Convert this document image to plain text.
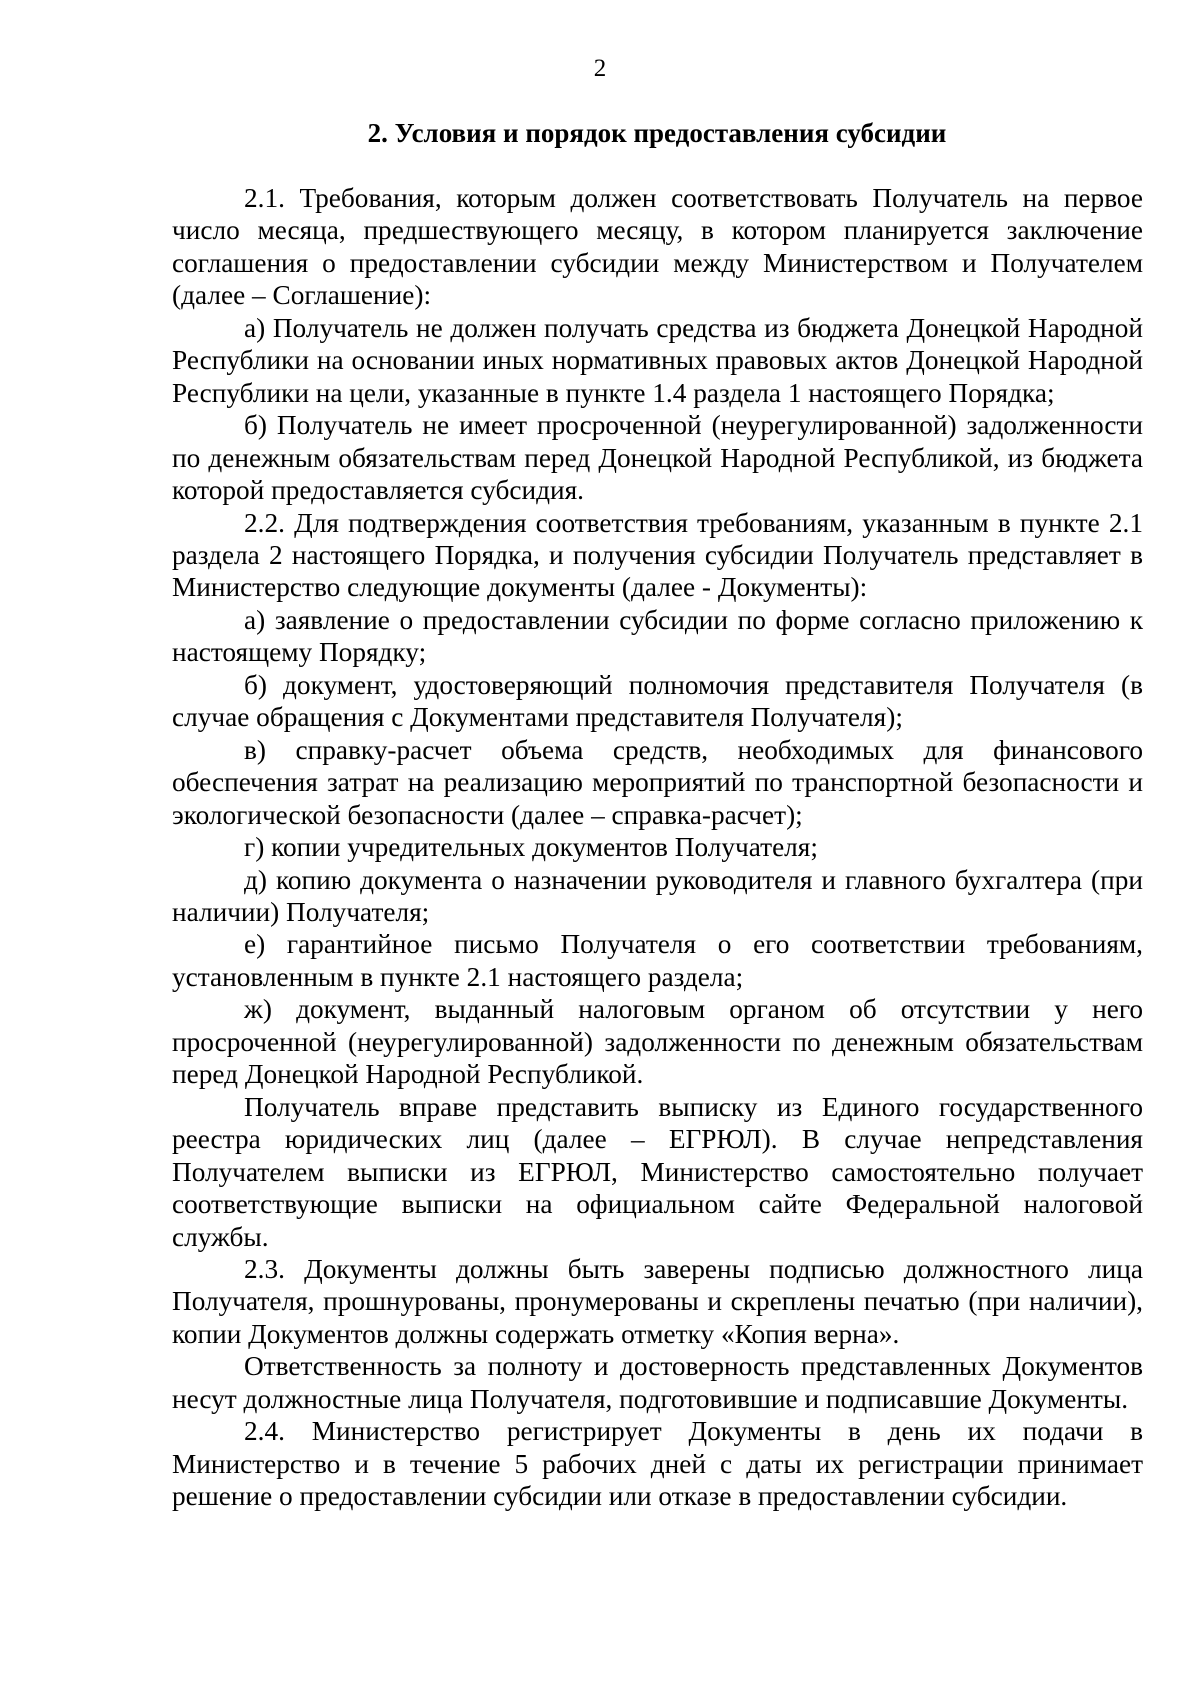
2
2. Условия и порядок предоставления субсидии

2.1. Требования, которым должен соответствовать Получатель на первое число месяца, предшествующего месяцу, в котором планируется заключение соглашения о предоставлении субсидии между Министерством и Получателем (далее – Соглашение):

а) Получатель не должен получать средства из бюджета Донецкой Народной Республики на основании иных нормативных правовых актов Донецкой Народной Республики на цели, указанные в пункте 1.4 раздела 1 настоящего Порядка;

б) Получатель не имеет просроченной (неурегулированной) задолженности по денежным обязательствам перед Донецкой Народной Республикой, из бюджета которой предоставляется субсидия.

2.2. Для подтверждения соответствия требованиям, указанным в пункте 2.1 раздела 2 настоящего Порядка, и получения субсидии Получатель представляет в Министерство следующие документы (далее - Документы):

а) заявление о предоставлении субсидии по форме согласно приложению к настоящему Порядку;

б) документ, удостоверяющий полномочия представителя Получателя (в случае обращения с Документами представителя Получателя);

в) справку-расчет объема средств, необходимых для финансового обеспечения затрат на реализацию мероприятий по транспортной безопасности и экологической безопасности (далее – справка-расчет);

г) копии учредительных документов Получателя;

д) копию документа о назначении руководителя и главного бухгалтера (при наличии) Получателя;

е) гарантийное письмо Получателя о его соответствии требованиям, установленным в пункте 2.1 настоящего раздела;

ж) документ, выданный налоговым органом об отсутствии у него просроченной (неурегулированной) задолженности по денежным обязательствам перед Донецкой Народной Республикой.

Получатель вправе представить выписку из Единого государственного реестра юридических лиц (далее – ЕГРЮЛ). В случае непредставления Получателем выписки из ЕГРЮЛ, Министерство самостоятельно получает соответствующие выписки на официальном сайте Федеральной налоговой службы.

2.3. Документы должны быть заверены подписью должностного лица Получателя, прошнурованы, пронумерованы и скреплены печатью (при наличии), копии Документов должны содержать отметку «Копия верна».

Ответственность за полноту и достоверность представленных Документов несут должностные лица Получателя, подготовившие и подписавшие Документы.

2.4. Министерство регистрирует Документы в день их подачи в Министерство и в течение 5 рабочих дней с даты их регистрации принимает решение о предоставлении субсидии или отказе в предоставлении субсидии.
